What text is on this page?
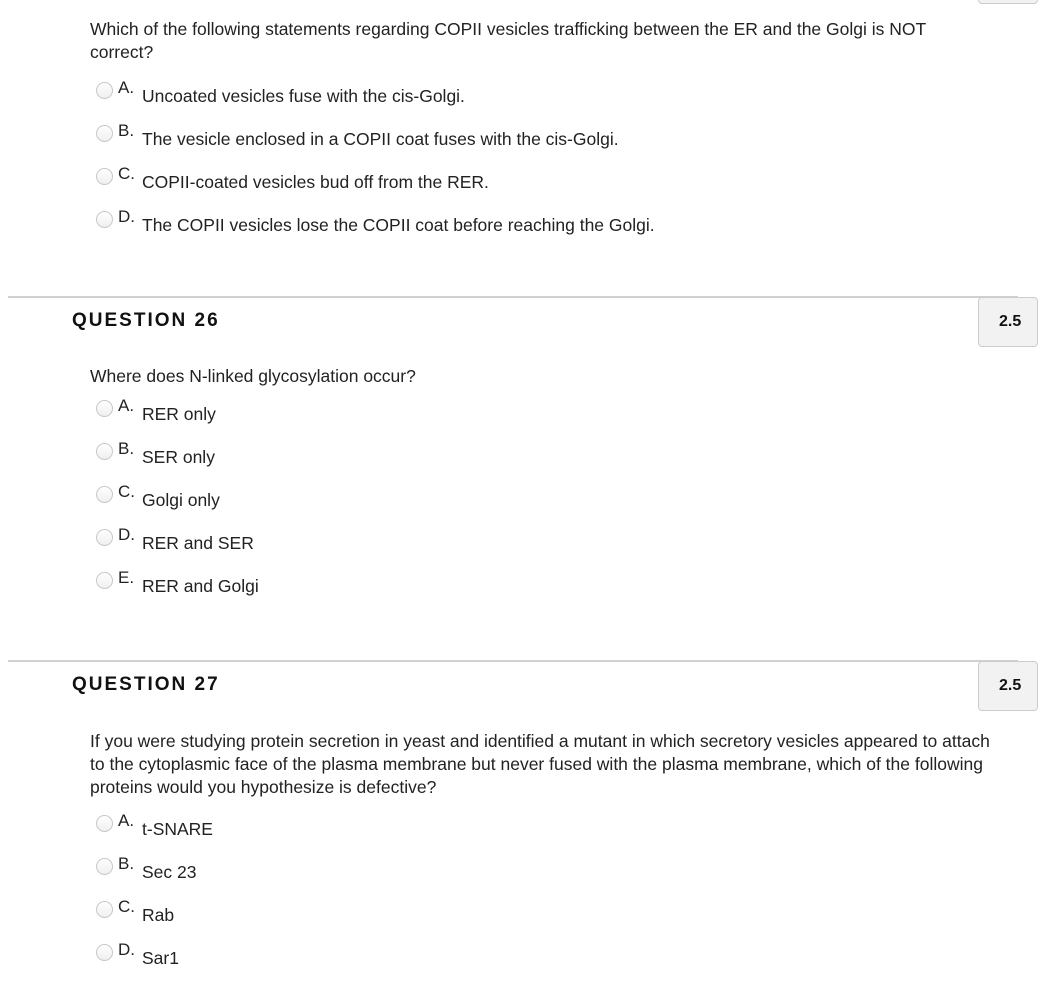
Which of the following statements regarding COPII vesicles trafficking between the ER and the Golgi is NOT correct?
A. Uncoated vesicles fuse with the cis-Golgi.
B. The vesicle enclosed in a COPII coat fuses with the cis-Golgi.
C. COPII-coated vesicles bud off from the RER.
D. The COPII vesicles lose the COPII coat before reaching the Golgi.
QUESTION 26	2.5
Where does N-linked glycosylation occur?
A. RER only
B. SER only
C. Golgi only
D. RER and SER
E. RER and Golgi
QUESTION 27	2.5
If you were studying protein secretion in yeast and identified a mutant in which secretory vesicles appeared to attach to the cytoplasmic face of the plasma membrane but never fused with the plasma membrane, which of the following proteins would you hypothesize is defective?
A. t-SNARE
B. Sec 23
C. Rab
D. Sar1
